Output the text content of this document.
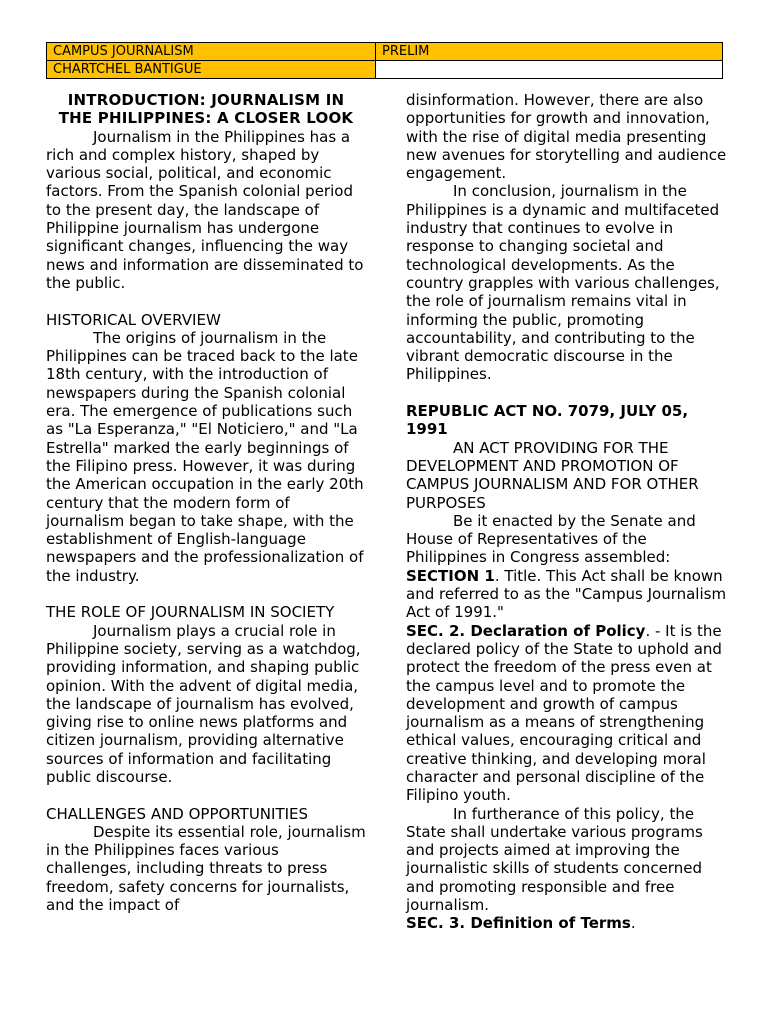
CAMPUS JOURNALISM	PRELIM
CHARTCHEL BANTIGUE	

INTRODUCTION: JOURNALISM IN

THE PHILIPPINES: A CLOSER LOOK

Journalism in the Philippines has a rich and complex history, shaped by various social, political, and economic factors. From the Spanish colonial period to the present day, the landscape of Philippine journalism has undergone significant changes, influencing the way news and information are disseminated to the public.

HISTORICAL OVERVIEW

The origins of journalism in the Philippines can be traced back to the late 18th century, with the introduction of newspapers during the Spanish colonial era. The emergence of publications such as "La Esperanza," "El Noticiero," and "La Estrella" marked the early beginnings of the Filipino press. However, it was during the American occupation in the early 20th century that the modern form of journalism began to take shape, with the establishment of English-language newspapers and the professionalization of the industry.

THE ROLE OF JOURNALISM IN SOCIETY

Journalism plays a crucial role in Philippine society, serving as a watchdog, providing information, and shaping public opinion. With the advent of digital media, the landscape of journalism has evolved, giving rise to online news platforms and citizen journalism, providing alternative sources of information and facilitating public discourse.

CHALLENGES AND OPPORTUNITIES

Despite its essential role, journalism in the Philippines faces various challenges, including threats to press freedom, safety concerns for journalists, and the impact of

disinformation. However, there are also opportunities for growth and innovation, with the rise of digital media presenting new avenues for storytelling and audience engagement.

In conclusion, journalism in the Philippines is a dynamic and multifaceted industry that continues to evolve in response to changing societal and technological developments. As the country grapples with various challenges, the role of journalism remains vital in informing the public, promoting accountability, and contributing to the vibrant democratic discourse in the Philippines.

REPUBLIC ACT NO. 7079, JULY 05, 1991

AN ACT PROVIDING FOR THE DEVELOPMENT AND PROMOTION OF CAMPUS JOURNALISM AND FOR OTHER PURPOSES

Be it enacted by the Senate and House of Representatives of the Philippines in Congress assembled:

SECTION 1. Title. This Act shall be known and referred to as the "Campus Journalism Act of 1991."

SEC. 2. Declaration of Policy. - It is the declared policy of the State to uphold and protect the freedom of the press even at the campus level and to promote the development and growth of campus journalism as a means of strengthening ethical values, encouraging critical and creative thinking, and developing moral character and personal discipline of the Filipino youth.

In furtherance of this policy, the State shall undertake various programs and projects aimed at improving the journalistic skills of students concerned and promoting responsible and free journalism.

SEC. 3. Definition of Terms.
